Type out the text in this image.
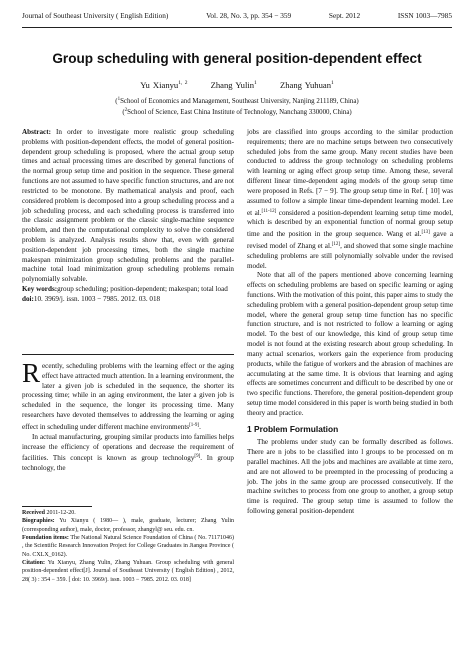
Journal of Southeast University ( English Edition)	Vol. 28, No. 3, pp. 354 − 359	Sept. 2012	ISSN 1003—7985
Group scheduling with general position-dependent effect
Yu Xianyu$^{1, 2}$	Zhang Yulin$^1$	Zhang Yuhuan$^1$
($^1$School of Economics and Management, Southeast University, Nanjing 211189, China)
($^2$School of Science, East China Institute of Technology, Nanchang 330000, China)

Abstract: In order to investigate more realistic group scheduling problems with position-dependent effects, the model of general position-dependent group scheduling is proposed, where the actual group setup times and actual processing times are described by general functions of the normal group setup time and position in the sequence. These general functions are not assumed to have specific function structures, and are not restricted to be monotone. By mathematical analysis and proof, each considered problem is decomposed into a group scheduling process and a job scheduling process, and each scheduling process is transferred into the classic assignment problem or the classic single-machine sequence problem, and then the computational complexity to solve the considered problem is analyzed. Analysis results show that, even with general position-dependent job processing times, both the single machine makespan minimization group scheduling problems and the parallel-machine total load minimization group scheduling problems remain polynomially solvable.

Key words:group scheduling; position-dependent; makespan; total load

doi:10. 3969/j. issn. 1003 − 7985. 2012. 03. 018

Recently, scheduling problems with the learning effect or the aging effect have attracted much attention. In a learning environment, the later a given job is scheduled in the sequence, the shorter its processing time; while in an aging environment, the later a given job is scheduled in the sequence, the longer its processing time. Many researchers have devoted themselves to addressing the learning or aging effect in scheduling under different machine environments[1-9].

In actual manufacturing, grouping similar products into families helps increase the efficiency of operations and decrease the requirement of facilities. This concept is known as group technology[9]. In group technology, the

Received 2011-12-20.

Biographies: Yu Xianyu ( 1980— ), male, graduate, lecturer; Zhang Yulin (corresponding author), male, doctor, professor, zhangyl@ seu. edu. cn.

Foundation items: The National Natural Science Foundation of China ( No. 71171046) , the Scientific Research Innovation Project for College Graduates in Jiangsu Province ( No. CXLX_0162).

Citation: Yu Xianyu, Zhang Yulin, Zhang Yuhuan. Group scheduling with general position-dependent effect[J]. Journal of Southeast University ( English Edition) , 2012, 28( 3) : 354 − 359. [ doi: 10. 3969/j. issn. 1003 − 7985. 2012. 03. 018]

jobs are classified into groups according to the similar production requirements; there are no machine setups between two consecutively scheduled jobs from the same group. Many recent studies have been conducted to address the group technology on scheduling problems with learning or aging effect group setup time. Among these, several different linear time-dependent aging models of the group setup time were proposed in Refs. [7 − 9]. The group setup time in Ref. [ 10] was assumed to follow a simple linear time-dependent learning model. Lee et al.[11-12] considered a position-dependent learning setup time model, which is described by an exponential function of normal group setup time and the position in the group sequence. Wang et al.[13] gave a revised model of Zhang et al.[12], and showed that some single machine scheduling problems are still polynomially solvable under the revised model.

Note that all of the papers mentioned above concerning learning effects on scheduling problems are based on specific learning or aging functions. With the motivation of this point, this paper aims to study the scheduling problem with a general position-dependent group setup time model, where the general group setup time function has no specific function structure, and is not restricted to follow a learning or aging model. To the best of our knowledge, this kind of group setup time model is not found at the existing research about group scheduling. In many actual scenarios, workers gain the experience from producing products, while the fatigue of workers and the abrasion of machines are accumulating at the same time. It is obvious that learning and aging effects are sometimes concurrent and difficult to be described by one or two specific functions. Therefore, the general position-dependent group setup time model considered in this paper is worth being studied in both theory and practice.

1 Problem Formulation

The problems under study can be formally described as follows. There are n jobs to be classified into l groups to be processed on m parallel machines. All the jobs and machines are available at time zero, and are not allowed to be preempted in the processing of producing a job. The jobs in the same group are processed consecutively. If the machine switches to process from one group to another, a group setup time is required. The group setup time is assumed to follow the following general position-dependent
